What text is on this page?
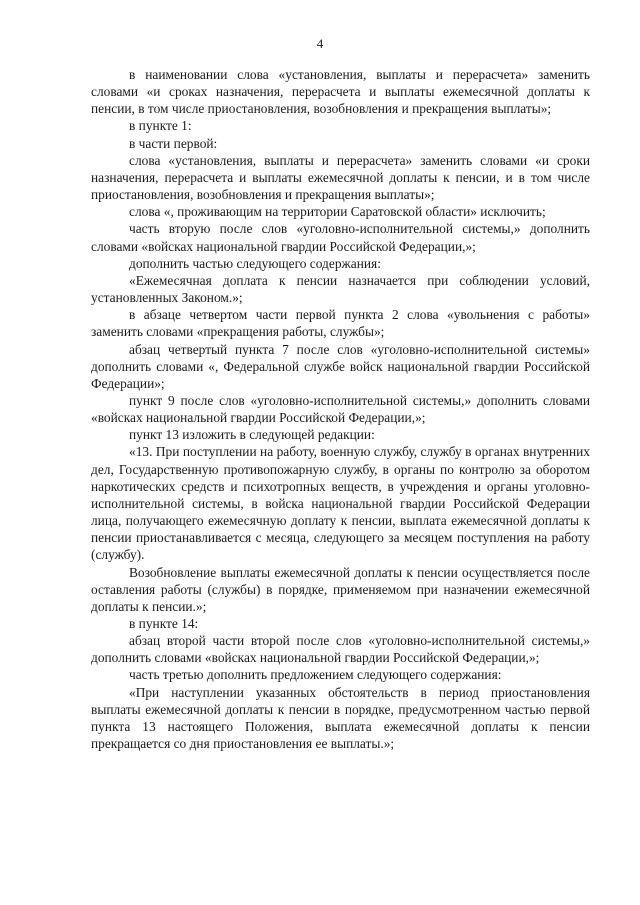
4

в наименовании слова «установления, выплаты и перерасчета» заменить словами «и сроках назначения, перерасчета и выплаты ежемесячной доплаты к пенсии, в том числе приостановления, возобновления и прекращения выплаты»;

в пункте 1:

в части первой:

слова «установления, выплаты и перерасчета» заменить словами «и сроки назначения, перерасчета и выплаты ежемесячной доплаты к пенсии, и в том числе приостановления, возобновления и прекращения выплаты»;

слова «, проживающим на территории Саратовской области» исключить;

часть вторую после слов «уголовно-исполнительной системы,» дополнить словами «войсках национальной гвардии Российской Федерации,»;

дополнить частью следующего содержания:

«Ежемесячная доплата к пенсии назначается при соблюдении условий, установленных Законом.»;

в абзаце четвертом части первой пункта 2 слова «увольнения с работы» заменить словами «прекращения работы, службы»;

абзац четвертый пункта 7 после слов «уголовно-исполнительной системы» дополнить словами «, Федеральной службе войск национальной гвардии Российской Федерации»;

пункт 9 после слов «уголовно-исполнительной системы,» дополнить словами «войсках национальной гвардии Российской Федерации,»;

пункт 13 изложить в следующей редакции:

«13. При поступлении на работу, военную службу, службу в органах внутренних дел, Государственную противопожарную службу, в органы по контролю за оборотом наркотических средств и психотропных веществ, в учреждения и органы уголовно-исполнительной системы, в войска национальной гвардии Российской Федерации лица, получающего ежемесячную доплату к пенсии, выплата ежемесячной доплаты к пенсии приостанавливается с месяца, следующего за месяцем поступления на работу (службу).

Возобновление выплаты ежемесячной доплаты к пенсии осуществляется после оставления работы (службы) в порядке, применяемом при назначении ежемесячной доплаты к пенсии.»;

в пункте 14:

абзац второй части второй после слов «уголовно-исполнительной системы,» дополнить словами «войсках национальной гвардии Российской Федерации,»;

часть третью дополнить предложением следующего содержания:

«При наступлении указанных обстоятельств в период приостановления выплаты ежемесячной доплаты к пенсии в порядке, предусмотренном частью первой пункта 13 настоящего Положения, выплата ежемесячной доплаты к пенсии прекращается со дня приостановления ее выплаты.»;
